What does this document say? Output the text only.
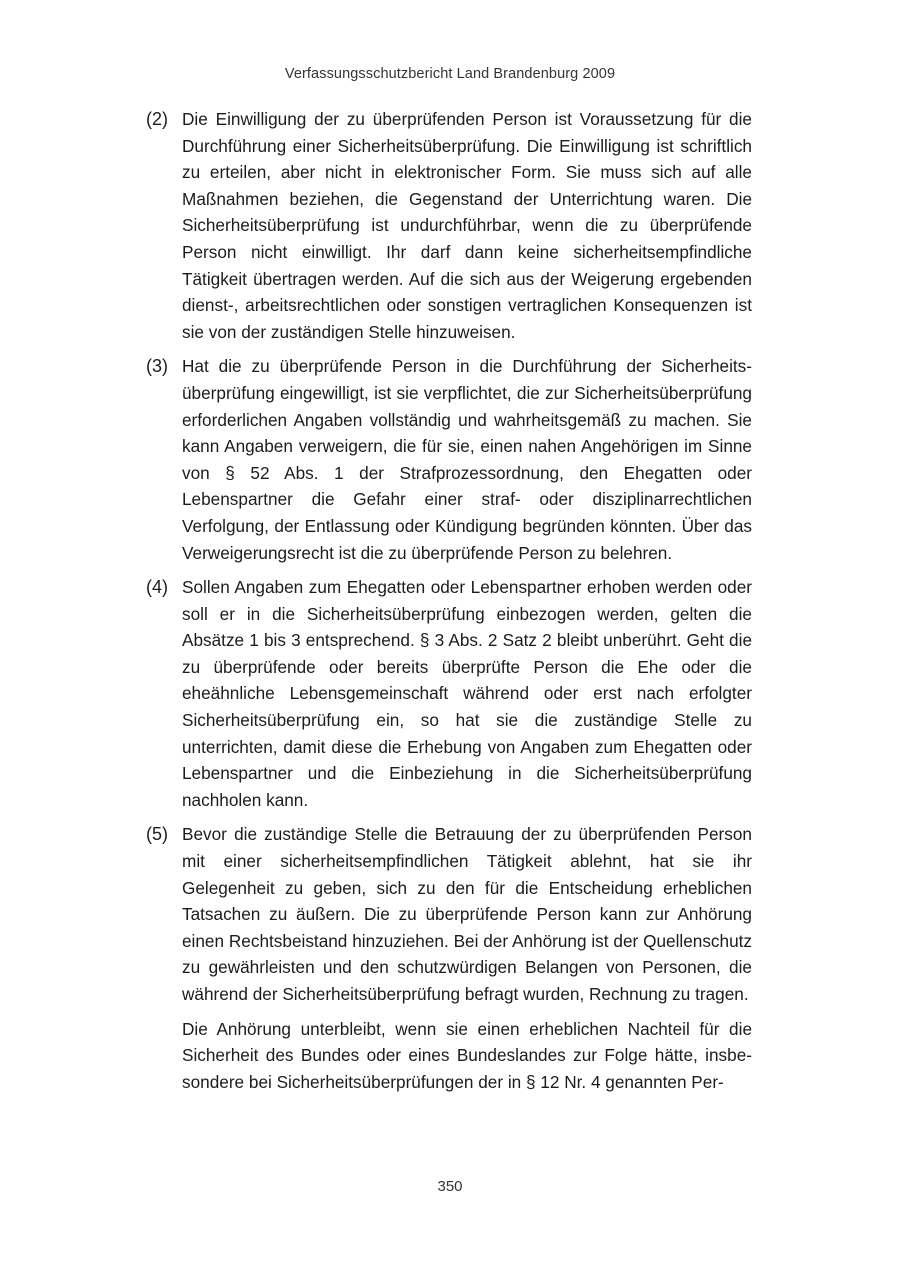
Verfassungsschutzbericht Land Brandenburg 2009
(2) Die Einwilligung der zu überprüfenden Person ist Voraussetzung für die Durchführung einer Sicherheitsüberprüfung. Die Einwilligung ist schriftlich zu erteilen, aber nicht in elektronischer Form. Sie muss sich auf alle Maßnahmen beziehen, die Gegenstand der Unterrichtung waren. Die Sicherheitsüberprüfung ist undurchführbar, wenn die zu überprüfende Person nicht einwilligt. Ihr darf dann keine sicherheitsempfindliche Tätigkeit übertragen werden. Auf die sich aus der Weigerung ergebenden dienst-, arbeitsrechtlichen oder sonstigen vertraglichen Konsequenzen ist sie von der zuständigen Stelle hinzuweisen.
(3) Hat die zu überprüfende Person in die Durchführung der Sicherheitsüberprüfung eingewilligt, ist sie verpflichtet, die zur Sicherheitsüberprüfung erforderlichen Angaben vollständig und wahrheitsgemäß zu machen. Sie kann Angaben verweigern, die für sie, einen nahen Angehörigen im Sinne von § 52 Abs. 1 der Strafprozessordnung, den Ehegatten oder Lebenspartner die Gefahr einer straf- oder disziplinarrechtlichen Verfolgung, der Entlassung oder Kündigung begründen könnten. Über das Verweigerungsrecht ist die zu überprüfende Person zu belehren.
(4) Sollen Angaben zum Ehegatten oder Lebenspartner erhoben werden oder soll er in die Sicherheitsüberprüfung einbezogen werden, gelten die Absätze 1 bis 3 entsprechend. § 3 Abs. 2 Satz 2 bleibt unberührt. Geht die zu überprüfende oder bereits überprüfte Person die Ehe oder die eheähnliche Lebensgemeinschaft während oder erst nach erfolgter Sicherheitsüberprüfung ein, so hat sie die zuständige Stelle zu unterrichten, damit diese die Erhebung von Angaben zum Ehegatten oder Lebenspartner und die Einbeziehung in die Sicherheitsüberprüfung nachholen kann.
(5) Bevor die zuständige Stelle die Betrauung der zu überprüfenden Person mit einer sicherheitsempfindlichen Tätigkeit ablehnt, hat sie ihr Gelegenheit zu geben, sich zu den für die Entscheidung erheblichen Tatsachen zu äußern. Die zu überprüfende Person kann zur Anhörung einen Rechtsbeistand hinzuziehen. Bei der Anhörung ist der Quellenschutz zu gewährleisten und den schutzwürdigen Belangen von Personen, die während der Sicherheitsüberprüfung befragt wurden, Rechnung zu tragen.
Die Anhörung unterbleibt, wenn sie einen erheblichen Nachteil für die Sicherheit des Bundes oder eines Bundeslandes zur Folge hätte, insbesondere bei Sicherheitsüberprüfungen der in § 12 Nr. 4 genannten Per-
350
